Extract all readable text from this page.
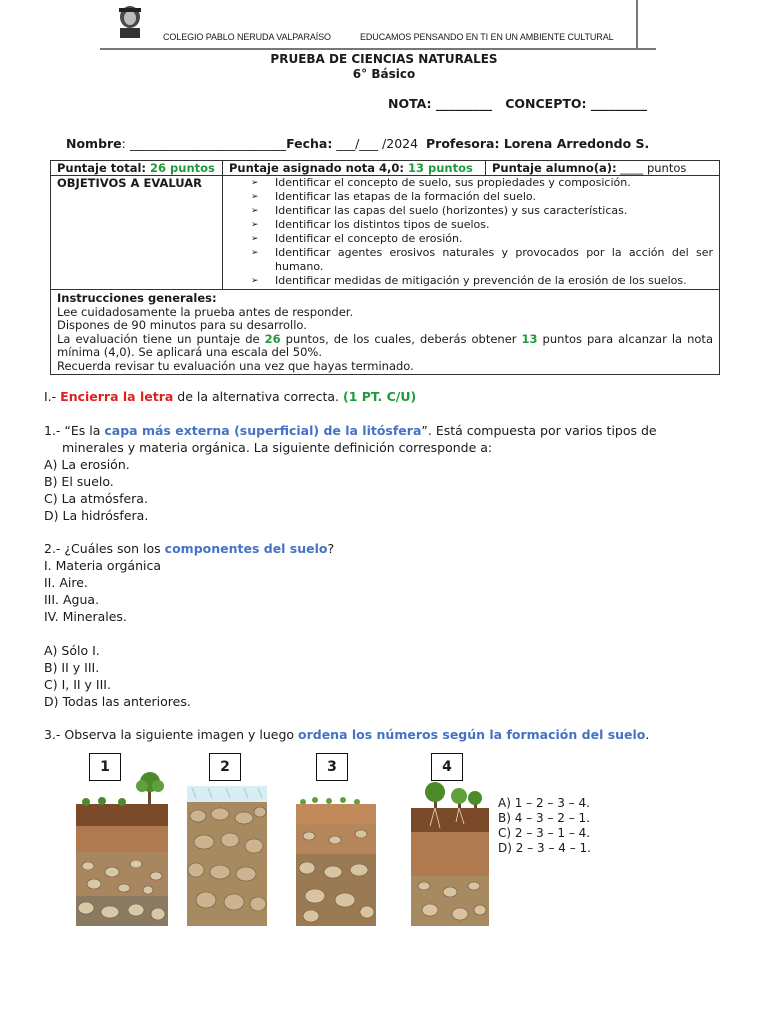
COLEGIO PABLO NERUDA VALPARAÍSO	EDUCAMOS PENSANDO EN TI EN UN AMBIENTE CULTURAL
PRUEBA DE CIENCIAS NATURALES
6° Básico
NOTA: _________   CONCEPTO: _________
Nombre: _________________________Fecha: ___/___ /2024  Profesora: Lorena Arredondo S.
Puntaje total: 26 puntos	Puntaje asignado nota 4,0: 13 puntos	Puntaje alumno(a): ____ puntos
OBJETIVOS A EVALUAR	➢ Identificar el concepto de suelo, sus propiedades y composición.
➢ Identificar las etapas de la formación del suelo.
➢ Identificar las capas del suelo (horizontes) y sus características.
➢ Identificar los distintos tipos de suelos.
➢ Identificar el concepto de erosión.
➢ Identificar agentes erosivos naturales y provocados por la acción del ser humano.
➢ Identificar medidas de mitigación y prevención de la erosión de los suelos.
Instrucciones generales:
Lee cuidadosamente la prueba antes de responder.
Dispones de 90 minutos para su desarrollo.
La evaluación tiene un puntaje de 26 puntos, de los cuales, deberás obtener 13 puntos para alcanzar la nota mínima (4,0). Se aplicará una escala del 50%.
Recuerda revisar tu evaluación una vez que hayas terminado.
I.- Encierra la letra de la alternativa correcta. (1 PT. C/U)
1.- “Es la capa más externa (superficial) de la litósfera”. Está compuesta por varios tipos de minerales y materia orgánica. La siguiente definición corresponde a:
A) La erosión.
B) El suelo.
C) La atmósfera.
D) La hidrósfera.
2.- ¿Cuáles son los componentes del suelo?
I. Materia orgánica
II. Aire.
III. Agua.
IV. Minerales.
A) Sólo I.
B) II y III.
C) I, II y III.
D) Todas las anteriores.
3.- Observa la siguiente imagen y luego ordena los números según la formación del suelo.
1	2	3	4
A) 1 – 2 – 3 – 4.
B) 4 – 3 – 2 – 1.
C) 2 – 3 – 1 – 4.
D) 2 – 3 – 4 – 1.
